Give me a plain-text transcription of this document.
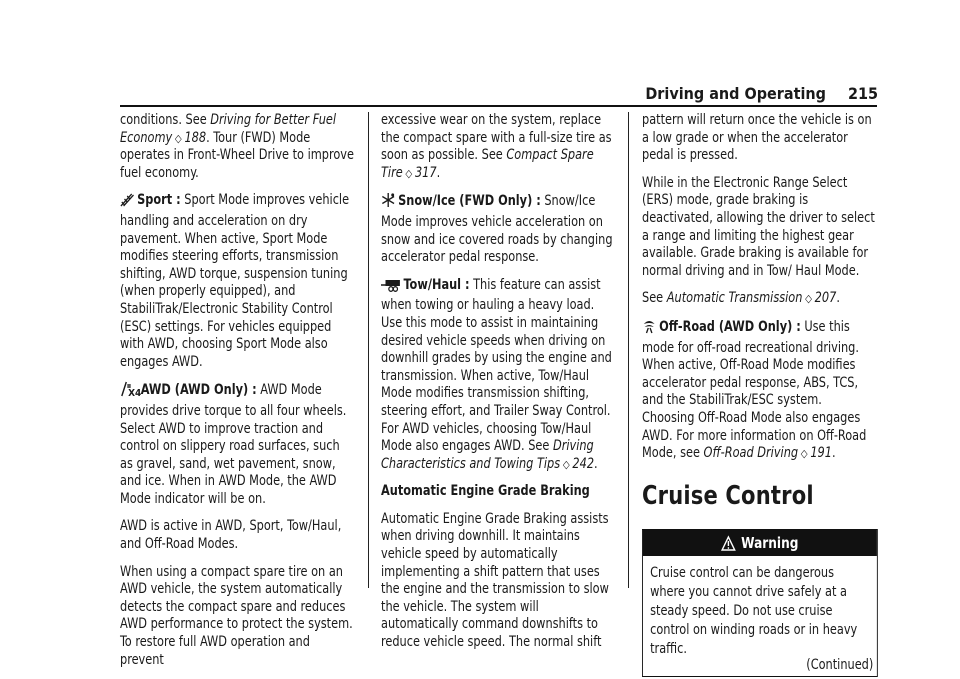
Driving and Operating 215

conditions. See Driving for Better Fuel Economy ◇ 188. Tour (FWD) Mode operates in Front-Wheel Drive to improve fuel economy.

Sport : Sport Mode improves vehicle handling and acceleration on dry pavement. When active, Sport Mode modifies steering efforts, transmission shifting, AWD torque, suspension tuning (when properly equipped), and StabiliTrak/Electronic Stability Control (ESC) settings. For vehicles equipped with AWD, choosing Sport Mode also engages AWD.

X4 AWD (AWD Only) : AWD Mode provides drive torque to all four wheels. Select AWD to improve traction and control on slippery road surfaces, such as gravel, sand, wet pavement, snow, and ice. When in AWD Mode, the AWD Mode indicator will be on.

AWD is active in AWD, Sport, Tow/Haul, and Off-Road Modes.

When using a compact spare tire on an AWD vehicle, the system automatically detects the compact spare and reduces AWD performance to protect the system. To restore full AWD operation and prevent

excessive wear on the system, replace the compact spare with a full-size tire as soon as possible. See Compact Spare Tire ◇ 317.

Snow/Ice (FWD Only) : Snow/Ice Mode improves vehicle acceleration on snow and ice covered roads by changing accelerator pedal response.

Tow/Haul : This feature can assist when towing or hauling a heavy load. Use this mode to assist in maintaining desired vehicle speeds when driving on downhill grades by using the engine and transmission. When active, Tow/Haul Mode modifies transmission shifting, steering effort, and Trailer Sway Control. For AWD vehicles, choosing Tow/Haul Mode also engages AWD. See Driving Characteristics and Towing Tips ◇ 242.

Automatic Engine Grade Braking

Automatic Engine Grade Braking assists when driving downhill. It maintains vehicle speed by automatically implementing a shift pattern that uses the engine and the transmission to slow the vehicle. The system will automatically command downshifts to reduce vehicle speed. The normal shift

pattern will return once the vehicle is on a low grade or when the accelerator pedal is pressed.

While in the Electronic Range Select (ERS) mode, grade braking is deactivated, allowing the driver to select a range and limiting the highest gear available. Grade braking is available for normal driving and in Tow/ Haul Mode.

See Automatic Transmission ◇ 207.

Off-Road (AWD Only) : Use this mode for off-road recreational driving. When active, Off-Road Mode modifies accelerator pedal response, ABS, TCS, and the StabiliTrak/ESC system. Choosing Off-Road Mode also engages AWD. For more information on Off-Road Mode, see Off-Road Driving ◇ 191.

Cruise Control
Warning

Cruise control can be dangerous where you cannot drive safely at a steady speed. Do not use cruise control on winding roads or in heavy traffic.

(Continued)
